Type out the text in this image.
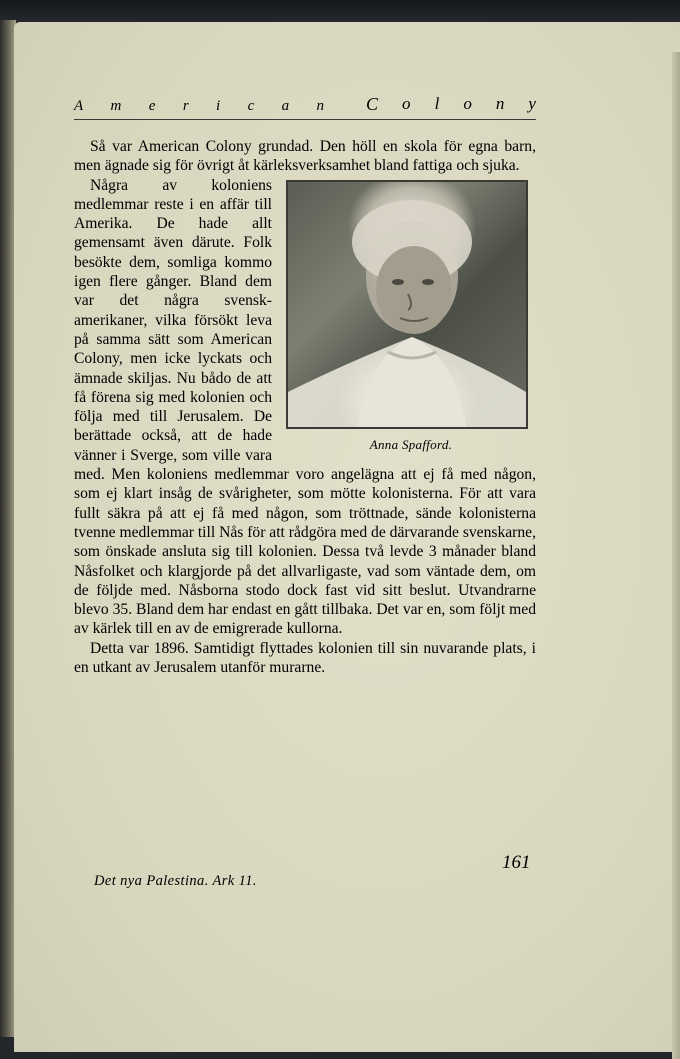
A m e r i c a n C o l o n y

Så var American Colony grundad. Den höll en skola för egna barn, men ägnade sig för övrigt åt kärleksverksamhet bland fattiga och sjuka.

Anna Spafford.

Några av koloniens medlemmar reste i en affär till Amerika. De hade allt gemensamt även därute. Folk besökte dem, somliga kommo igen flere gånger. Bland dem var det några svensk-amerikaner, vilka försökt leva på samma sätt som American Colony, men icke lyckats och ämnade skiljas. Nu bådo de att få förena sig med kolonien och följa med till Jerusalem. De berättade också, att de hade vänner i Sverge, som ville vara med. Men koloniens medlemmar voro angelägna att ej få med någon, som ej klart insåg de svårigheter, som mötte kolonisterna. För att vara fullt säkra på att ej få med någon, som tröttnade, sände kolonisterna tvenne medlemmar till Nås för att rådgöra med de därvarande svenskarne, som önskade ansluta sig till kolonien. Dessa två levde 3 månader bland Nåsfolket och klargjorde på det allvarligaste, vad som väntade dem, om de följde med. Nåsborna stodo dock fast vid sitt beslut. Utvandrarne blevo 35. Bland dem har endast en gått tillbaka. Det var en, som följt med av kärlek till en av de emigrerade kullorna.

Detta var 1896. Samtidigt flyttades kolonien till sin nuvarande plats, i en utkant av Jerusalem utanför murarne.

161
Det nya Palestina. Ark 11.
